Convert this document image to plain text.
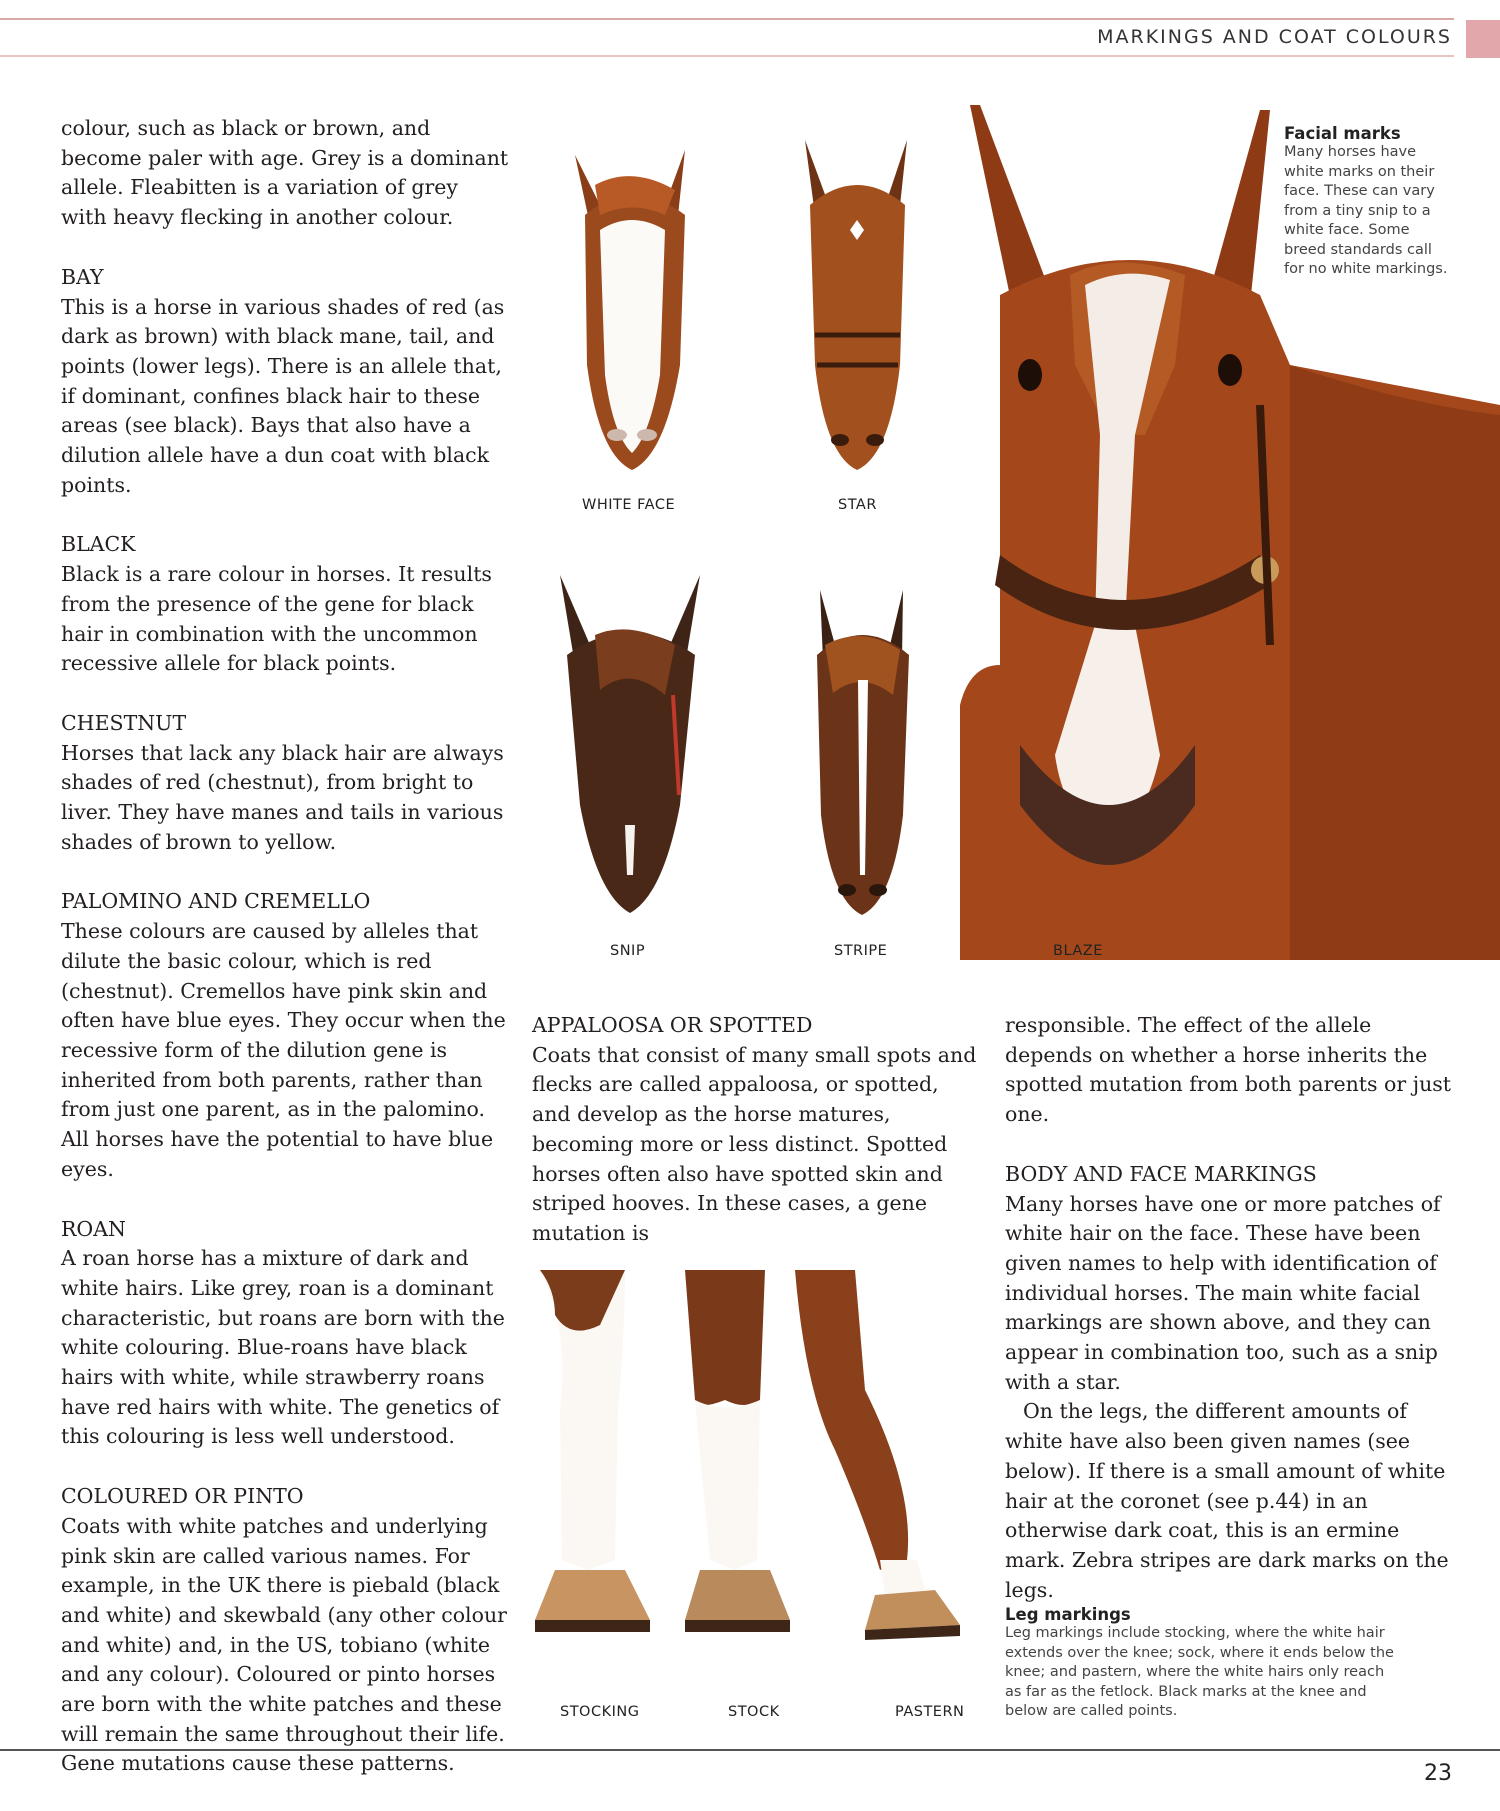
MARKINGS AND COAT COLOURS

colour, such as black or brown, and become paler with age. Grey is a dominant allele. Fleabitten is a variation of grey with heavy flecking in another colour.

BAY

This is a horse in various shades of red (as dark as brown) with black mane, tail, and points (lower legs). There is an allele that, if dominant, confines black hair to these areas (see black). Bays that also have a dilution allele have a dun coat with black points.

BLACK

Black is a rare colour in horses. It results from the presence of the gene for black hair in combination with the uncommon recessive allele for black points.

CHESTNUT

Horses that lack any black hair are always shades of red (chestnut), from bright to liver. They have manes and tails in various shades of brown to yellow.

PALOMINO AND CREMELLO

These colours are caused by alleles that dilute the basic colour, which is red (chestnut). Cremellos have pink skin and often have blue eyes. They occur when the recessive form of the dilution gene is inherited from both parents, rather than from just one parent, as in the palomino. All horses have the potential to have blue eyes.

ROAN

A roan horse has a mixture of dark and white hairs. Like grey, roan is a dominant characteristic, but roans are born with the white colouring. Blue-roans have black hairs with white, while strawberry roans have red hairs with white. The genetics of this colouring is less well understood.

COLOURED OR PINTO

Coats with white patches and underlying pink skin are called various names. For example, in the UK there is piebald (black and white) and skewbald (any other colour and white) and, in the US, tobiano (white and any colour). Coloured or pinto horses are born with the white patches and these will remain the same throughout their life. Gene mutations cause these patterns.

Facial marks
Many horses have white marks on their face. These can vary from a tiny snip to a white face. Some breed standards call for no white markings.
WHITE FACE	STAR
SNIP	STRIPE	BLAZE
APPALOOSA OR SPOTTED

Coats that consist of many small spots and flecks are called appaloosa, or spotted, and develop as the horse matures, becoming more or less distinct. Spotted horses often also have spotted skin and striped hooves. In these cases, a gene mutation is

responsible. The effect of the allele depends on whether a horse inherits the spotted mutation from both parents or just one.

BODY AND FACE MARKINGS

Many horses have one or more patches of white hair on the face. These have been given names to help with identification of individual horses. The main white facial markings are shown above, and they can appear in combination too, such as a snip with a star.

On the legs, the different amounts of white have also been given names (see below). If there is a small amount of white hair at the coronet (see p.44) in an otherwise dark coat, this is an ermine mark. Zebra stripes are dark marks on the legs.

STOCKING	STOCK	PASTERN
Leg markings
Leg markings include stocking, where the white hair extends over the knee; sock, where it ends below the knee; and pastern, where the white hairs only reach as far as the fetlock. Black marks at the knee and below are called points.
23
